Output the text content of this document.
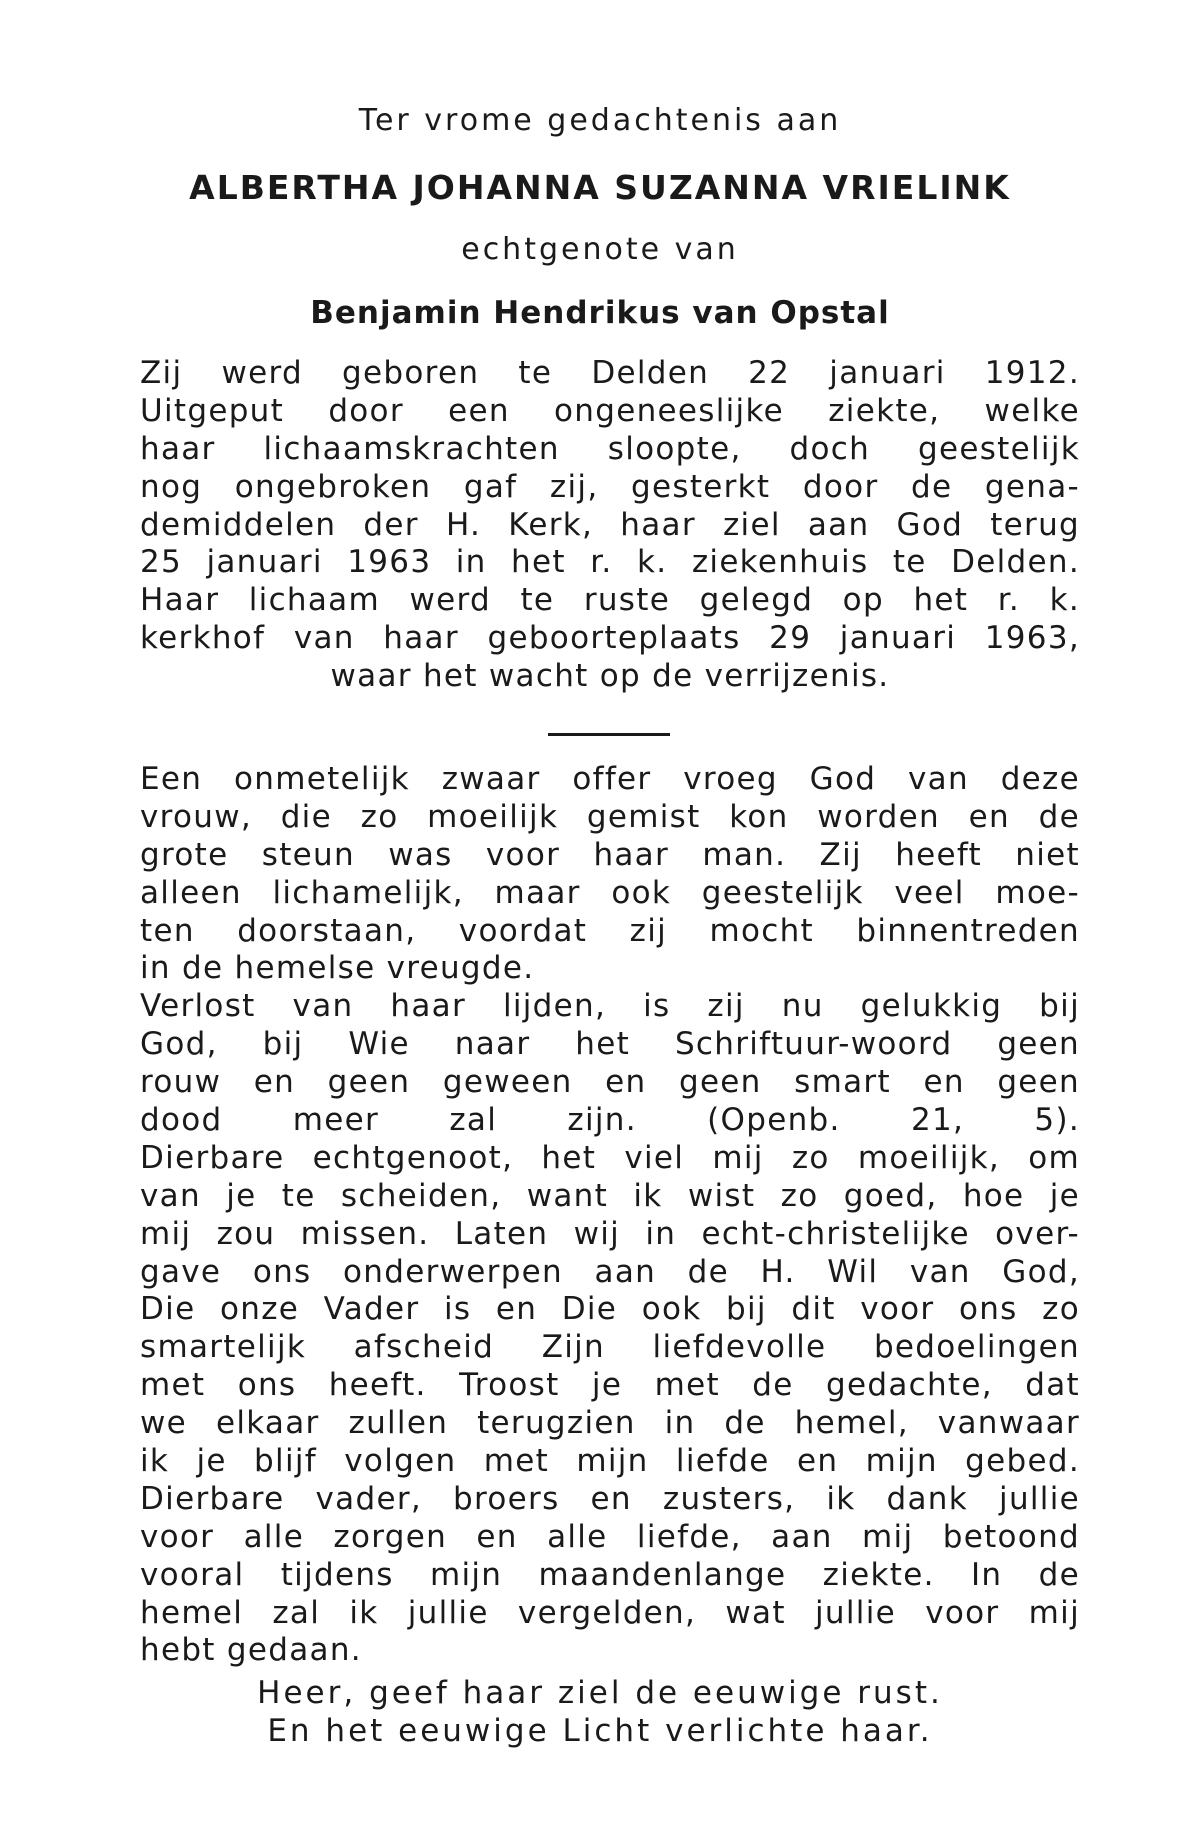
Ter vrome gedachtenis aan
ALBERTHA JOHANNA SUZANNA VRIELINK
echtgenote van
Benjamin Hendrikus van Opstal
Zij werd geboren te Delden 22 januari 1912.
Uitgeput door een ongeneeslijke ziekte, welke
haar lichaamskrachten sloopte, doch geestelijk
nog ongebroken gaf zij, gesterkt door de gena-
demiddelen der H. Kerk, haar ziel aan God terug
25 januari 1963 in het r. k. ziekenhuis te Delden.
Haar lichaam werd te ruste gelegd op het r. k.
kerkhof van haar geboorteplaats 29 januari 1963,
waar het wacht op de verrijzenis.
Een onmetelijk zwaar offer vroeg God van deze
vrouw, die zo moeilijk gemist kon worden en de
grote steun was voor haar man. Zij heeft niet
alleen lichamelijk, maar ook geestelijk veel moe-
ten doorstaan, voordat zij mocht binnentreden
in de hemelse vreugde.
Verlost van haar lijden, is zij nu gelukkig bij
God, bij Wie naar het Schriftuur-woord geen
rouw en geen geween en geen smart en geen
dood meer zal zijn. (Openb. 21, 5).
Dierbare echtgenoot, het viel mij zo moeilijk, om
van je te scheiden, want ik wist zo goed, hoe je
mij zou missen. Laten wij in echt-christelijke over-
gave ons onderwerpen aan de H. Wil van God,
Die onze Vader is en Die ook bij dit voor ons zo
smartelijk afscheid Zijn liefdevolle bedoelingen
met ons heeft. Troost je met de gedachte, dat
we elkaar zullen terugzien in de hemel, vanwaar
ik je blijf volgen met mijn liefde en mijn gebed.
Dierbare vader, broers en zusters, ik dank jullie
voor alle zorgen en alle liefde, aan mij betoond
vooral tijdens mijn maandenlange ziekte. In de
hemel zal ik jullie vergelden, wat jullie voor mij
hebt gedaan.
Heer, geef haar ziel de eeuwige rust.
En het eeuwige Licht verlichte haar.
